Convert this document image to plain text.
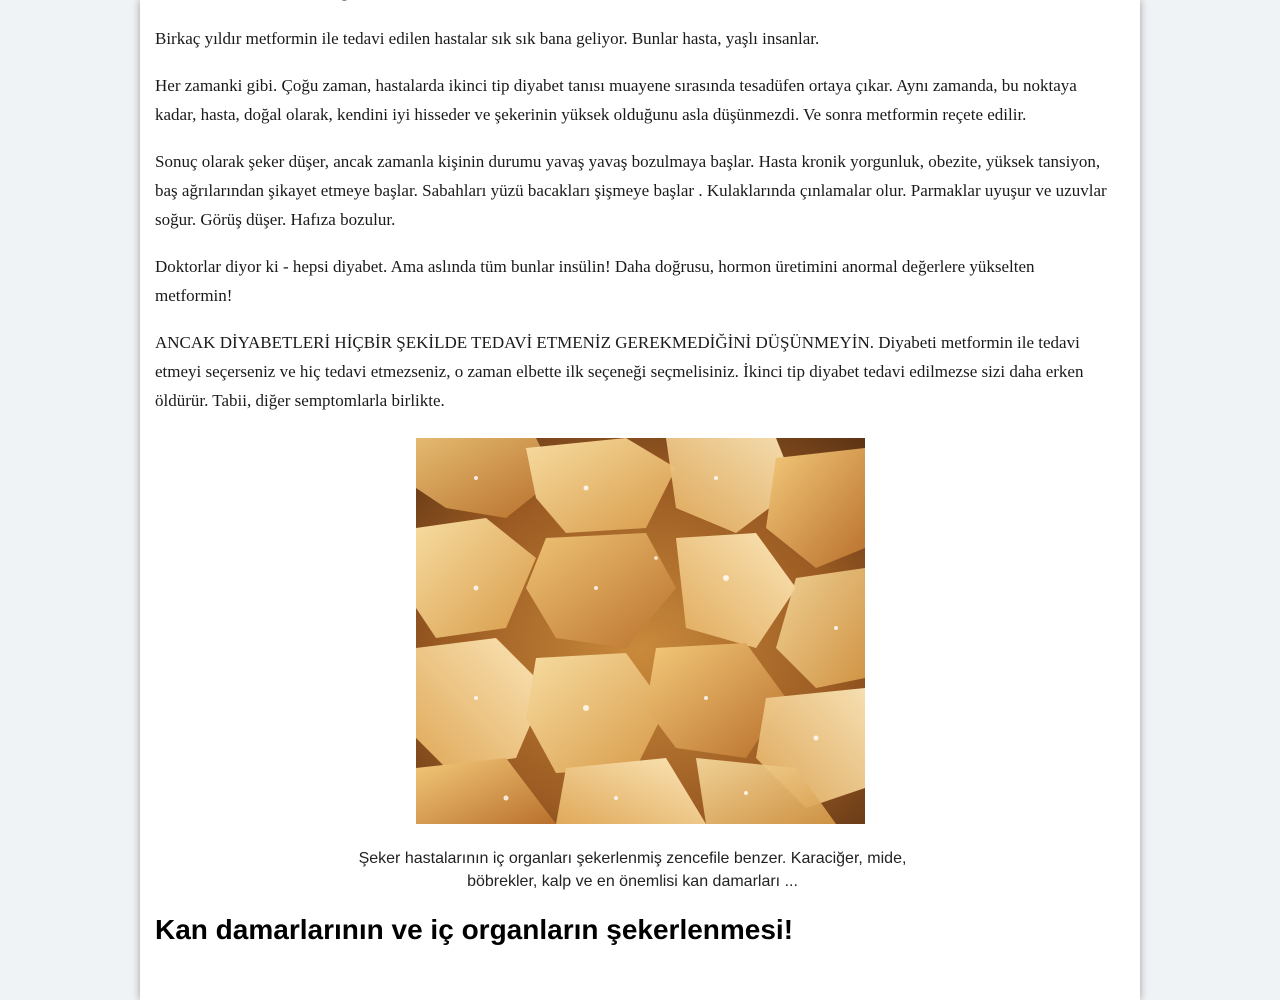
Birkaç yıldır metformin ile tedavi edilen hastalar sık sık bana geliyor. Bunlar hasta, yaşlı insanlar.

Her zamanki gibi. Çoğu zaman, hastalarda ikinci tip diyabet tanısı muayene sırasında tesadüfen ortaya çıkar. Aynı zamanda, bu noktaya kadar, hasta, doğal olarak, kendini iyi hisseder ve şekerinin yüksek olduğunu asla düşünmezdi. Ve sonra metformin reçete edilir.

Sonuç olarak şeker düşer, ancak zamanla kişinin durumu yavaş yavaş bozulmaya başlar. Hasta kronik yorgunluk, obezite, yüksek tansiyon, baş ağrılarından şikayet etmeye başlar. Sabahları yüzü bacakları şişmeye başlar . Kulaklarında çınlamalar olur. Parmaklar uyuşur ve uzuvlar soğur. Görüş düşer. Hafıza bozulur.

Doktorlar diyor ki - hepsi diyabet. Ama aslında tüm bunlar insülin! Daha doğrusu, hormon üretimini anormal değerlere yükselten metformin!

ANCAK DİYABETLERİ HİÇBİR ŞEKİLDE TEDAVİ ETMENİZ GEREKMEDİĞİNİ DÜŞÜNMEYİN. Diyabeti metformin ile tedavi etmeyi seçerseniz ve hiç tedavi etmezseniz, o zaman elbette ilk seçeneği seçmelisiniz. İkinci tip diyabet tedavi edilmezse sizi daha erken öldürür. Tabii, diğer semptomlarla birlikte.

Şeker hastalarının iç organları şekerlenmiş zencefile benzer. Karaciğer, mide, böbrekler, kalp ve en önemlisi kan damarları ...

Kan damarlarının ve iç organların şekerlenmesi!
